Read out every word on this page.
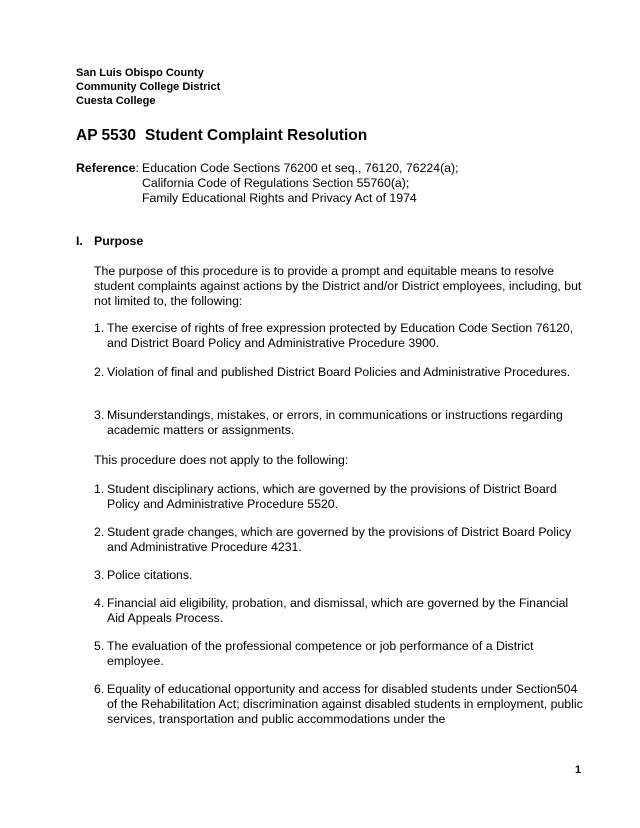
San Luis Obispo County
Community College District
Cuesta College
AP 5530 Student Complaint Resolution
Reference: Education Code Sections 76200 et seq., 76120, 76224(a);
California Code of Regulations Section 55760(a);
Family Educational Rights and Privacy Act of 1974
I. Purpose
The purpose of this procedure is to provide a prompt and equitable means to resolve student complaints against actions by the District and/or District employees, including, but not limited to, the following:
1. The exercise of rights of free expression protected by Education Code Section 76120, and District Board Policy and Administrative Procedure 3900.
2. Violation of final and published District Board Policies and Administrative Procedures.
3. Misunderstandings, mistakes, or errors, in communications or instructions regarding academic matters or assignments.
This procedure does not apply to the following:
1. Student disciplinary actions, which are governed by the provisions of District Board Policy and Administrative Procedure 5520.
2. Student grade changes, which are governed by the provisions of District Board Policy and Administrative Procedure 4231.
3. Police citations.
4. Financial aid eligibility, probation, and dismissal, which are governed by the Financial Aid Appeals Process.
5. The evaluation of the professional competence or job performance of a District employee.
6. Equality of educational opportunity and access for disabled students under Section504 of the Rehabilitation Act; discrimination against disabled students in employment, public services, transportation and public accommodations under the
1
